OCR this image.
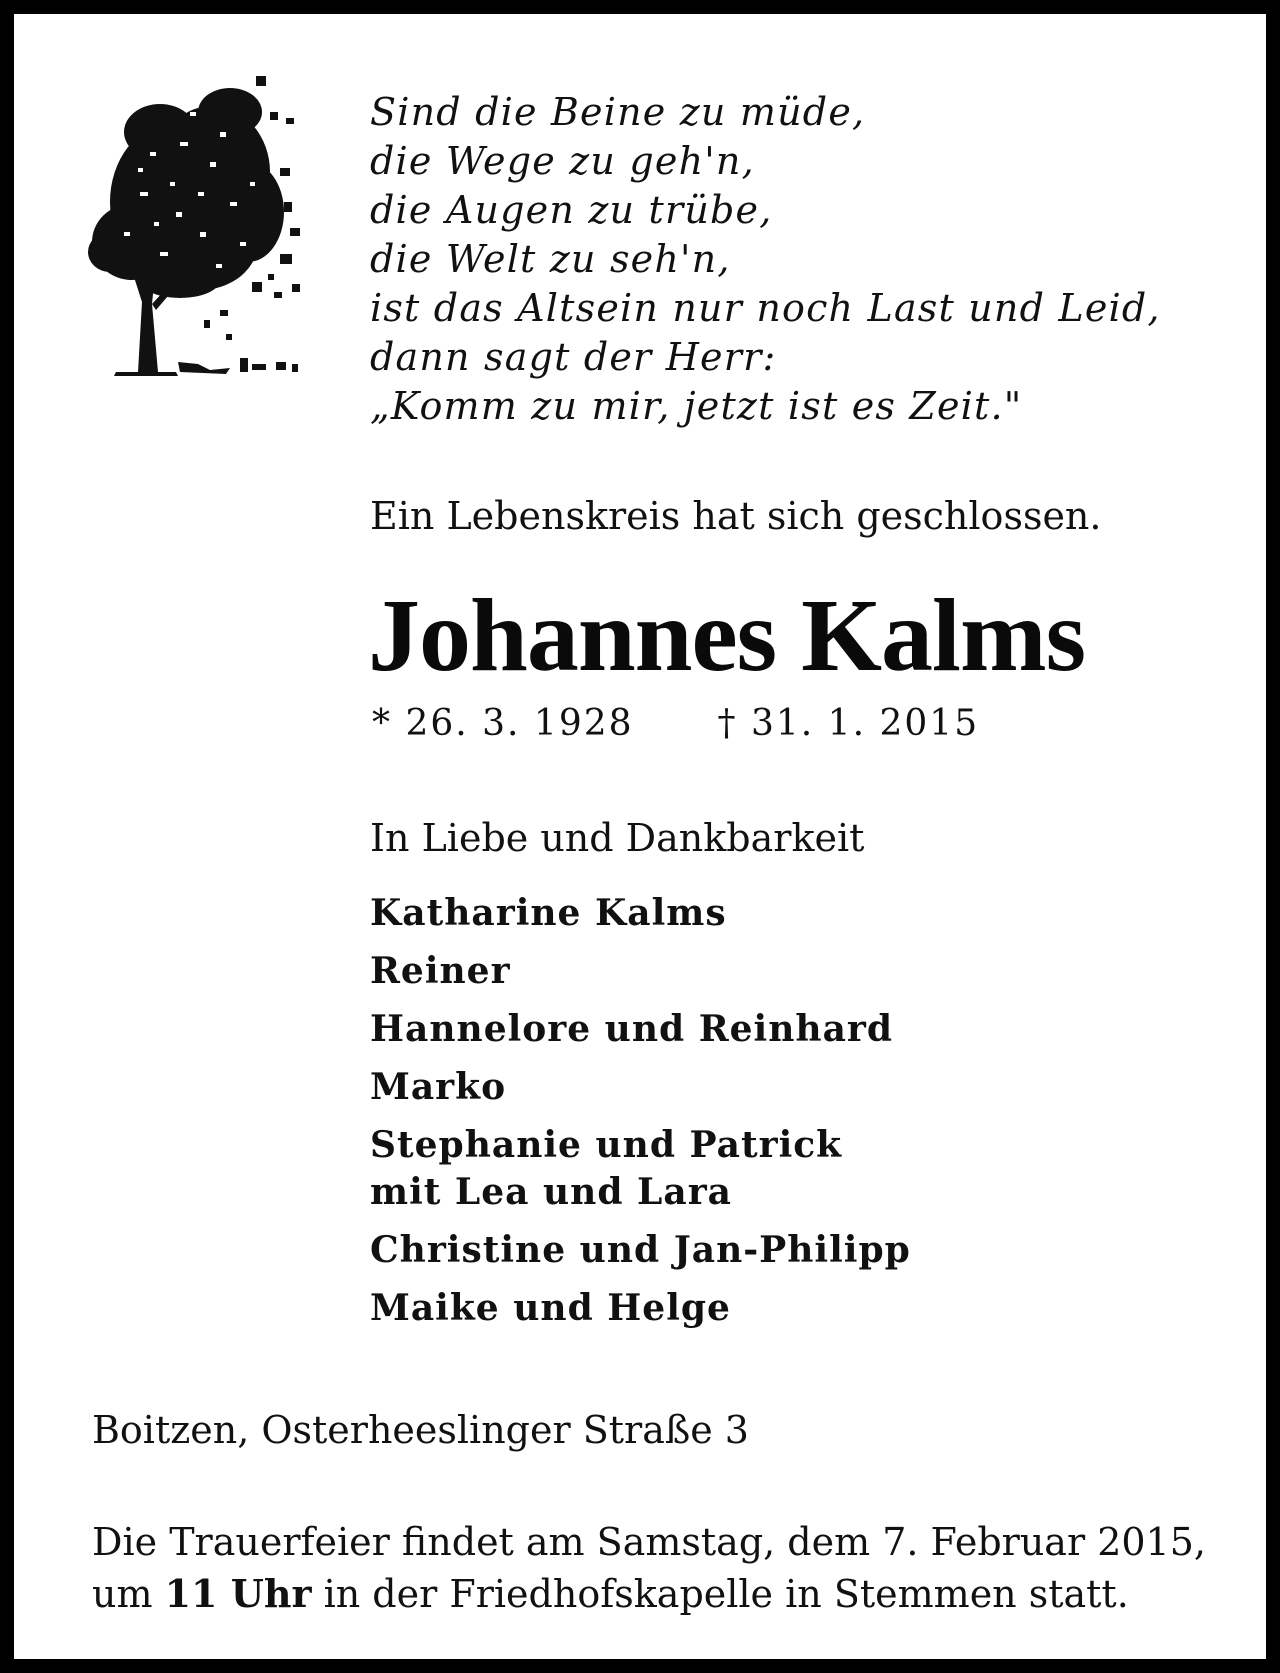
Sind die Beine zu müde,
die Wege zu geh'n,
die Augen zu trübe,
die Welt zu seh'n,
ist das Altsein nur noch Last und Leid,
dann sagt der Herr:
„Komm zu mir, jetzt ist es Zeit."
Ein Lebenskreis hat sich geschlossen.
Johannes Kalms
* 26. 3. 1928 † 31. 1. 2015
In Liebe und Dankbarkeit
Katharine Kalms
Reiner
Hannelore und Reinhard
Marko
Stephanie und Patrick
mit Lea und Lara
Christine und Jan-Philipp
Maike und Helge
Boitzen, Osterheeslinger Straße 3
Die Trauerfeier findet am Samstag, dem 7. Februar 2015,
um 11 Uhr in der Friedhofskapelle in Stemmen statt.
